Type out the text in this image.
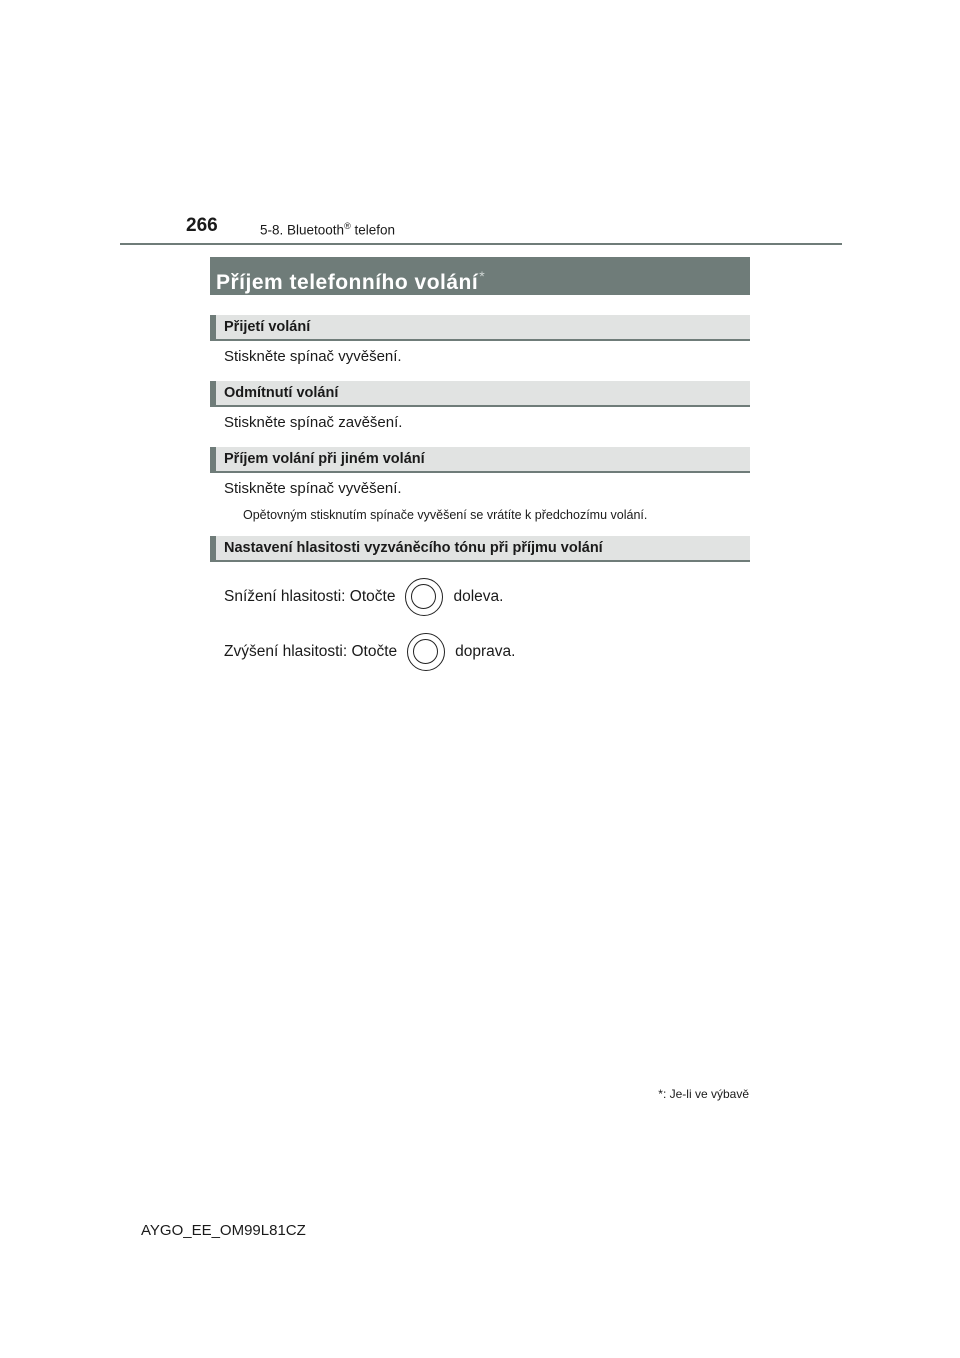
266	5-8. Bluetooth® telefon
Příjem telefonního volání*
Přijetí volání
Stiskněte spínač vyvěšení.
Odmítnutí volání
Stiskněte spínač zavěšení.
Příjem volání při jiném volání
Stiskněte spínač vyvěšení.
Opětovným stisknutím spínače vyvěšení se vrátíte k předchozímu volání.
Nastavení hlasitosti vyzváněcího tónu při příjmu volání
Snížení hlasitosti: Otočte	doleva.
Zvýšení hlasitosti: Otočte	doprava.
*: Je-li ve výbavě
AYGO_EE_OM99L81CZ
